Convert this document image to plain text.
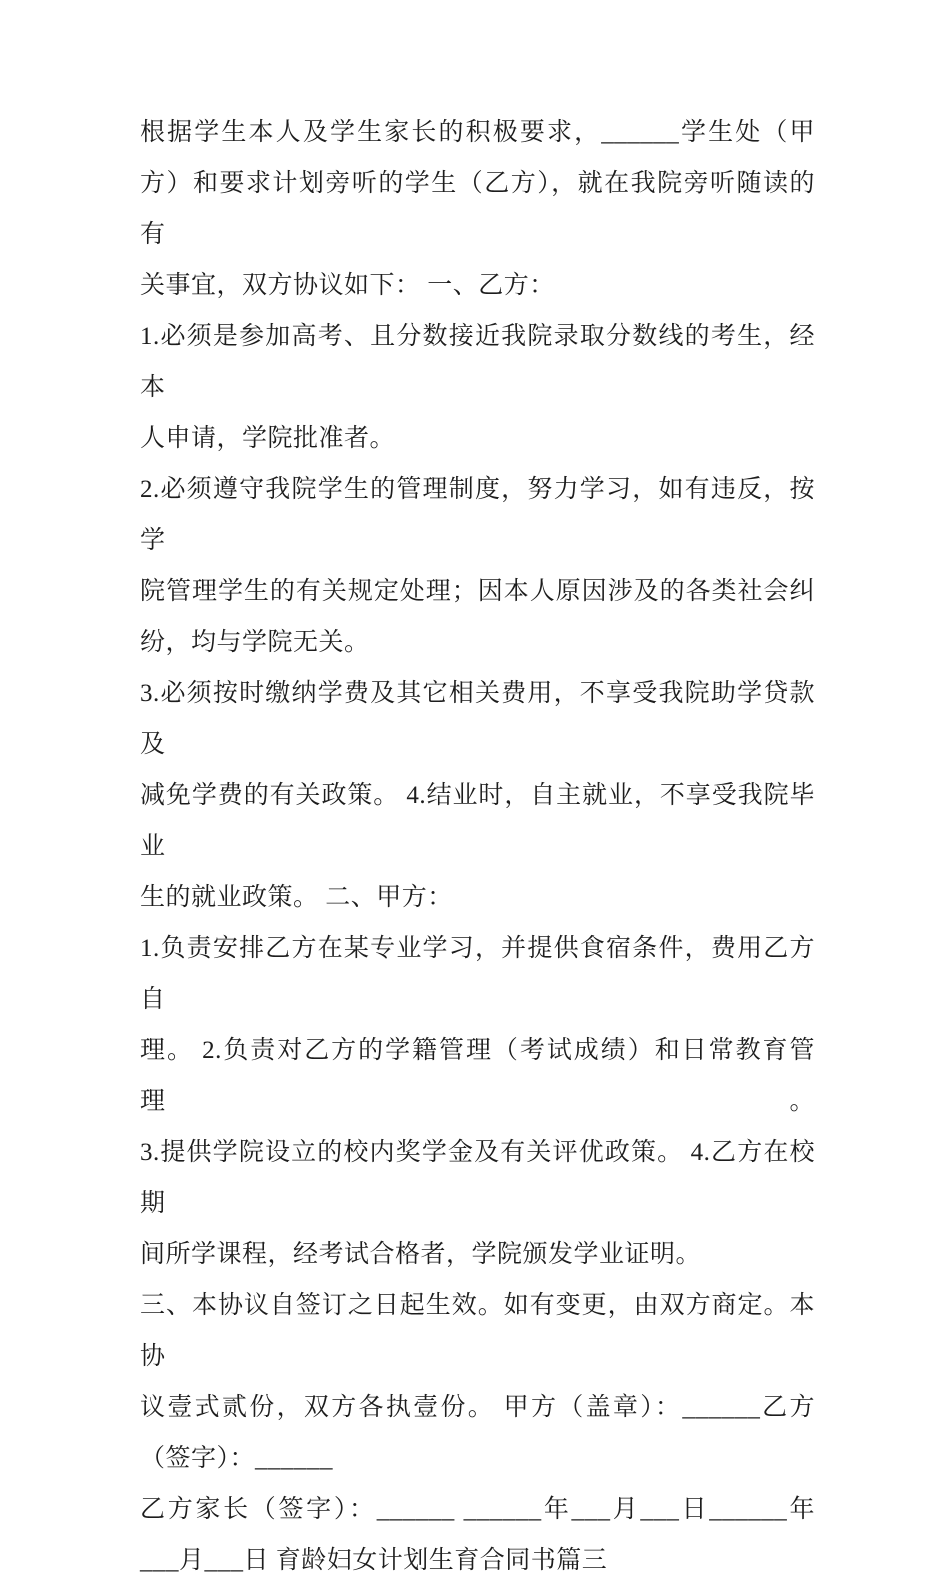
根据学生本人及学生家长的积极要求，______学生处（甲
方）和要求计划旁听的学生（乙方），就在我院旁听随读的有
关事宜，双方协议如下： 一、乙方：
1.必须是参加高考、且分数接近我院录取分数线的考生，经本
人申请，学院批准者。
2.必须遵守我院学生的管理制度，努力学习，如有违反，按学
院管理学生的有关规定处理；因本人原因涉及的各类社会纠
纷，均与学院无关。
3.必须按时缴纳学费及其它相关费用，不享受我院助学贷款及
减免学费的有关政策。 4.结业时，自主就业，不享受我院毕业
生的就业政策。 二、甲方：
1.负责安排乙方在某专业学习，并提供食宿条件，费用乙方自
理。 2.负责对乙方的学籍管理（考试成绩）和日常教育管理。
3.提供学院设立的校内奖学金及有关评优政策。 4.乙方在校期
间所学课程，经考试合格者，学院颁发学业证明。
三、本协议自签订之日起生效。如有变更，由双方商定。本协
议壹式贰份，双方各执壹份。 甲方（盖章）：______乙方
（签字）：______
乙方家长（签字）：______ ______年___月___日______年
___月___日 育龄妇女计划生育合同书篇三
